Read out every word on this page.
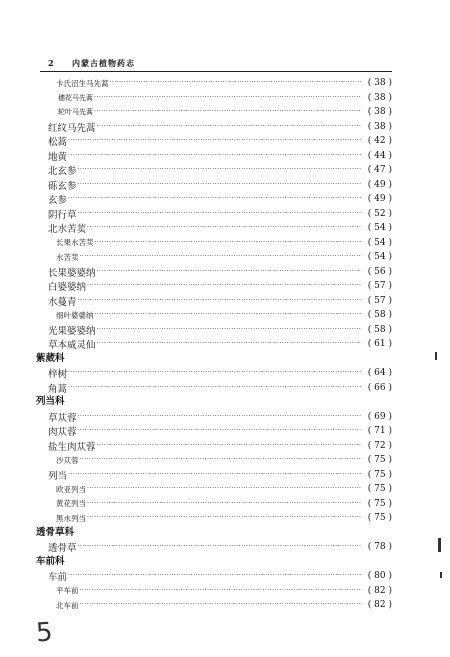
2 内蒙古植物药志
卡氏沼生马先蒿 ·····	( 38 )
穗花马先蒿 ·····	( 38 )
轮叶马先蒿 ·····	( 38 )
红纹马先蒿 ·····	( 38 )
松蒿 ·····	( 42 )
地黄 ·····	( 44 )
北玄参 ·····	( 47 )
砾玄参 ·····	( 49 )
玄参 ·····	( 49 )
阴行草 ·····	( 52 )
北水苦荬 ·····	( 54 )
长果水苦荬 ·····	( 54 )
水苦荬 ·····	( 54 )
长果婆婆纳 ·····	( 56 )
白婆婆纳 ·····	( 57 )
水蔓青 ·····	( 57 )
细叶婆婆纳 ·····	( 58 )
光果婆婆纳 ·····	( 58 )
草本威灵仙 ·····	( 61 )
紫葳科
梓树 ·····	( 64 )
角蒿 ·····	( 66 )
列当科
草苁蓉 ·····	( 69 )
肉苁蓉 ·····	( 71 )
盐生肉苁蓉 ·····	( 72 )
沙苁蓉 ·····	( 75 )
列当 ·····	( 75 )
欧亚列当 ·····	( 75 )
黄花列当 ·····	( 75 )
黑水列当 ·····	( 75 )
透骨草科
透骨草 ·····	( 78 )
车前科
车前 ·····	( 80 )
平车前 ·····	( 82 )
北车前 ·····	( 82 )
5
